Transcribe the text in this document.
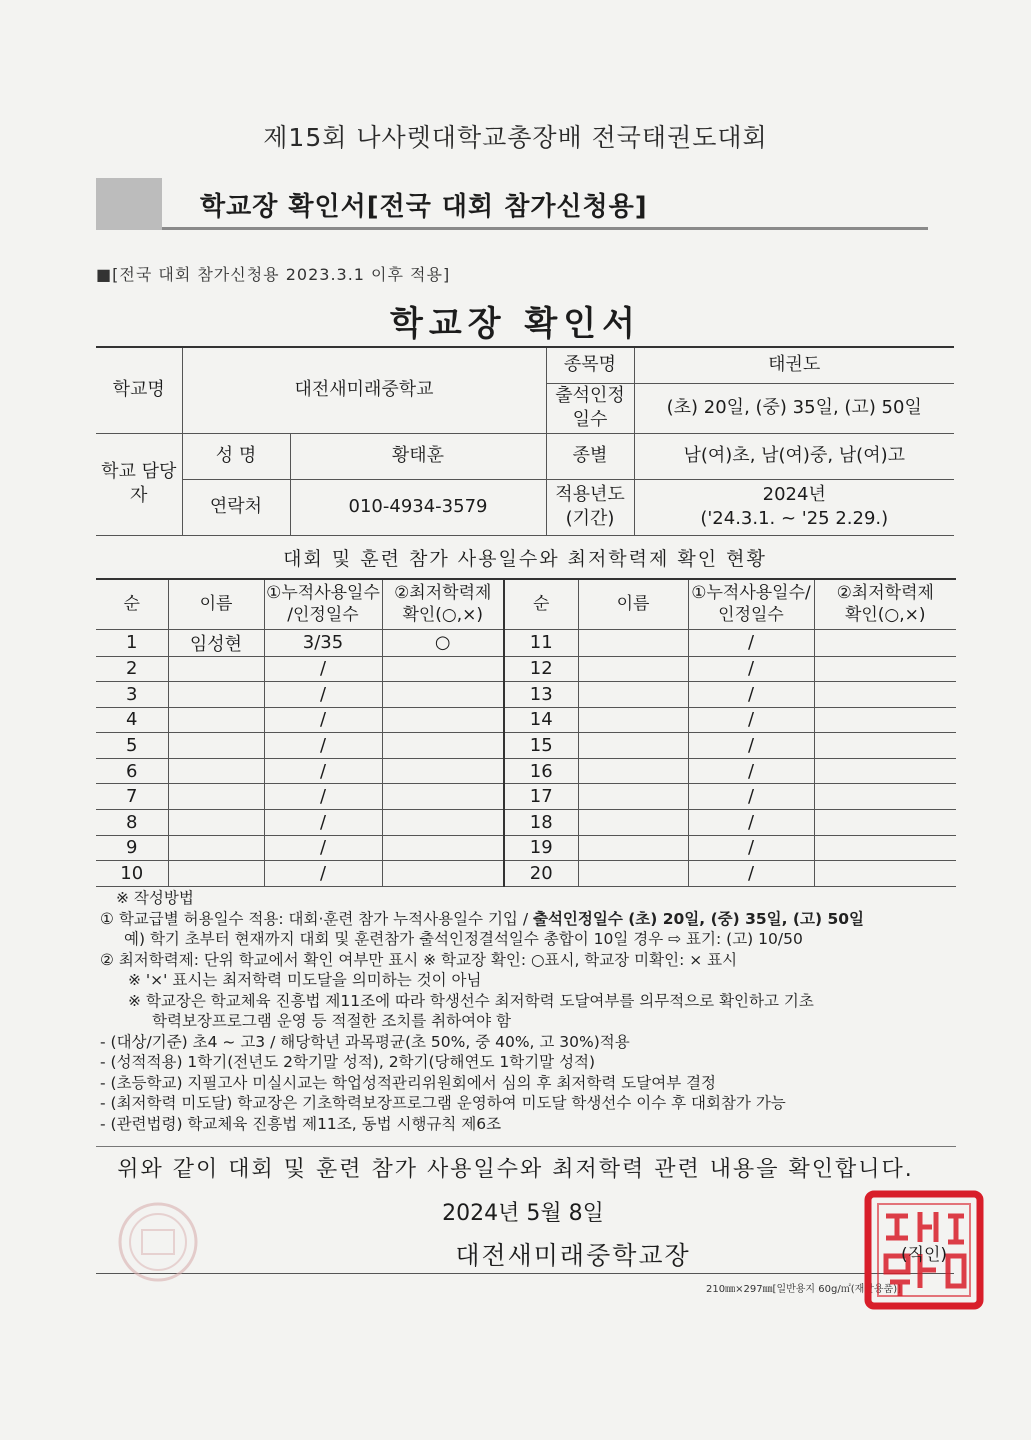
제15회 나사렛대학교총장배 전국태권도대회
학교장 확인서[전국 대회 참가신청용]
■[전국 대회 참가신청용 2023.3.1 이후 적용]
학교장 확인서
학교명	대전새미래중학교		종목명	태권도
			출석인정 일수	(초) 20일, (중) 35일, (고) 50일
학교 담당자	성 명	황태훈	종별	남(여)초, 남(여)중, 남(여)고
	연락처	010-4934-3579	적용년도 (기간)	2024년
('24.3.1. ~ '25 2.29.)
대회 및 훈련 참가 사용일수와 최저학력제 확인 현황
순	이름	①누적사용일수
/인정일수	②최저학력제
확인(○,×)	순	이름	①누적사용일수/
인정일수	②최저학력제
확인(○,×)
1	임성현	3/35	○	11		/	
2		/		12		/	
3		/		13		/	
4		/		14		/	
5		/		15		/	
6		/		16		/	
7		/		17		/	
8		/		18		/	
9		/		19		/	
10		/		20		/	
※ 작성방법
① 학교급별 허용일수 적용: 대회·훈련 참가 누적사용일수 기입 / 출석인정일수 (초) 20일, (중) 35일, (고) 50일
예) 학기 초부터 현재까지 대회 및 훈련참가 출석인정결석일수 총합이 10일 경우 ⇨ 표기: (고) 10/50
② 최저학력제: 단위 학교에서 확인 여부만 표시 ※ 학교장 확인: ○표시, 학교장 미확인: × 표시
※ '×' 표시는 최저학력 미도달을 의미하는 것이 아님
※ 학교장은 학교체육 진흥법 제11조에 따라 학생선수 최저학력 도달여부를 의무적으로 확인하고 기초
학력보장프로그램 운영 등 적절한 조치를 취하여야 함
- (대상/기준) 초4 ~ 고3 / 해당학년 과목평균(초 50%, 중 40%, 고 30%)적용
- (성적적용) 1학기(전년도 2학기말 성적), 2학기(당해연도 1학기말 성적)
- (초등학교) 지필고사 미실시교는 학업성적관리위원회에서 심의 후 최저학력 도달여부 결정
- (최저학력 미도달) 학교장은 기초학력보장프로그램 운영하여 미도달 학생선수 이수 후 대회참가 가능
- (관련법령) 학교체육 진흥법 제11조, 동법 시행규칙 제6조
위와 같이 대회 및 훈련 참가 사용일수와 최저학력 관련 내용을 확인합니다.
2024년 5월 8일
대전새미래중학교장
210㎜×297㎜[일반용지 60g/㎡(재활용품)]
(직인)
